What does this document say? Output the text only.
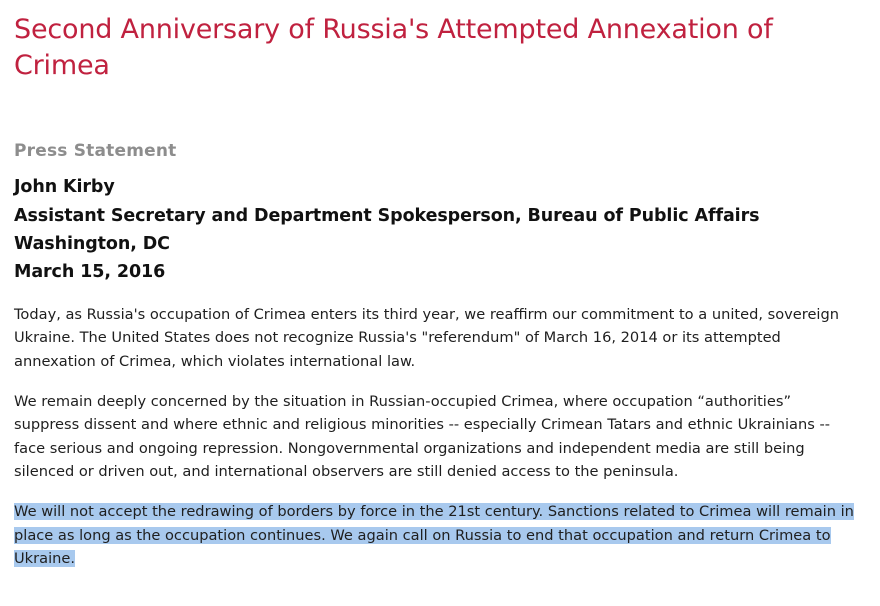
Second Anniversary of Russia's Attempted Annexation of Crimea
Press Statement
John Kirby
Assistant Secretary and Department Spokesperson, Bureau of Public Affairs
Washington, DC
March 15, 2016

Today, as Russia's occupation of Crimea enters its third year, we reaffirm our commitment to a united, sovereign Ukraine. The United States does not recognize Russia's "referendum" of March 16, 2014 or its attempted annexation of Crimea, which violates international law.

We remain deeply concerned by the situation in Russian-occupied Crimea, where occupation “authorities” suppress dissent and where ethnic and religious minorities -- especially Crimean Tatars and ethnic Ukrainians -- face serious and ongoing repression. Nongovernmental organizations and independent media are still being silenced or driven out, and international observers are still denied access to the peninsula.

We will not accept the redrawing of borders by force in the 21st century. Sanctions related to Crimea will remain in place as long as the occupation continues. We again call on Russia to end that occupation and return Crimea to Ukraine.
